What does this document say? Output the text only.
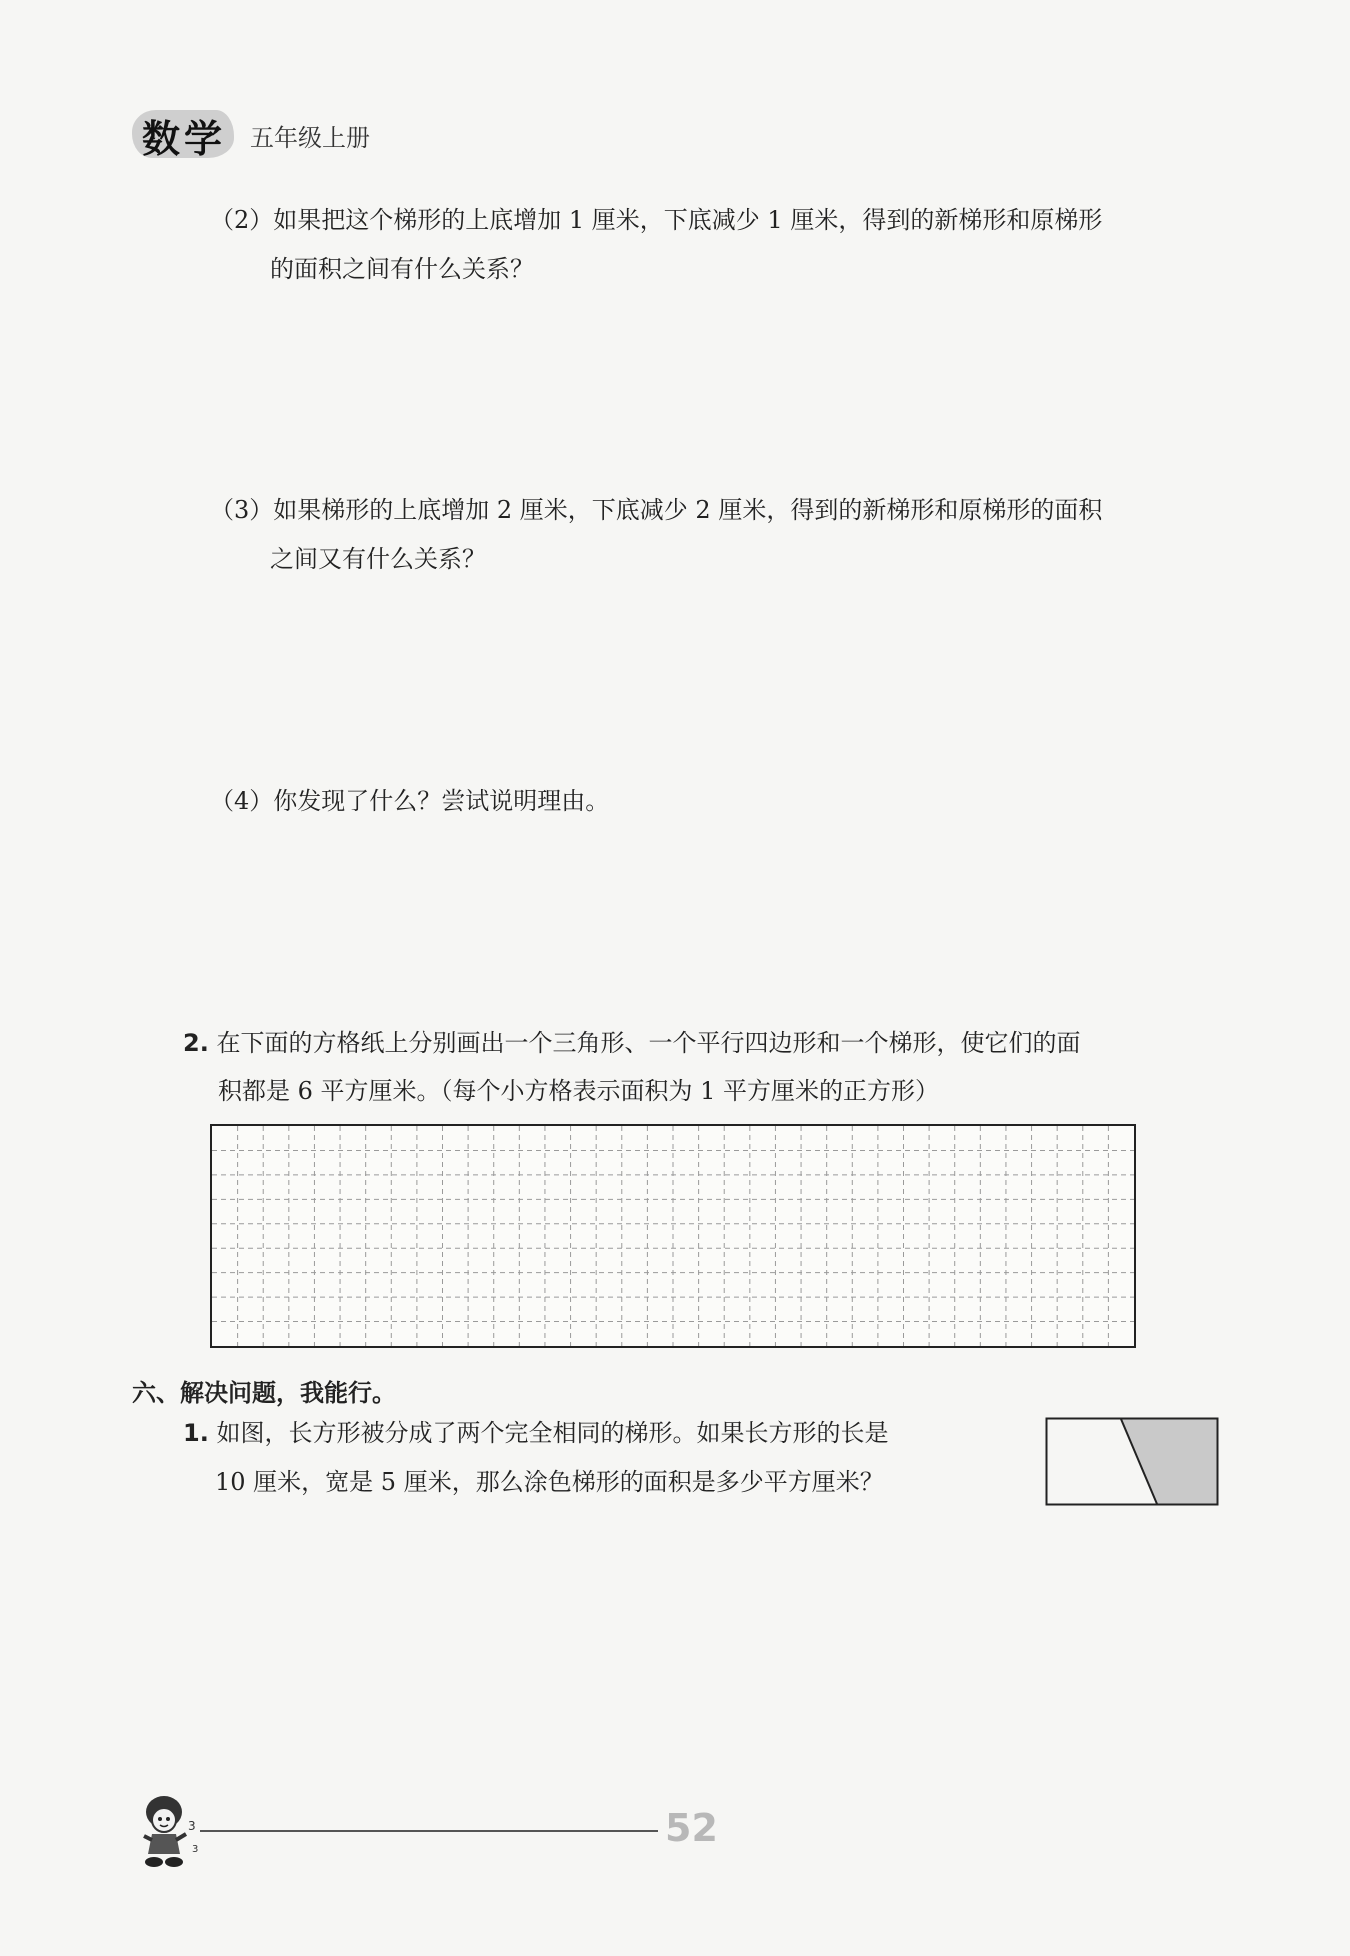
数学 五年级上册
（2）如果把这个梯形的上底增加 1 厘米，下底减少 1 厘米，得到的新梯形和原梯形
的面积之间有什么关系？
（3）如果梯形的上底增加 2 厘米，下底减少 2 厘米，得到的新梯形和原梯形的面积
之间又有什么关系？
（4）你发现了什么？尝试说明理由。
2. 在下面的方格纸上分别画出一个三角形、一个平行四边形和一个梯形，使它们的面
积都是 6 平方厘米。（每个小方格表示面积为 1 平方厘米的正方形）
六、解决问题，我能行。
1. 如图，长方形被分成了两个完全相同的梯形。如果长方形的长是
10 厘米，宽是 5 厘米，那么涂色梯形的面积是多少平方厘米？
3
3	52
